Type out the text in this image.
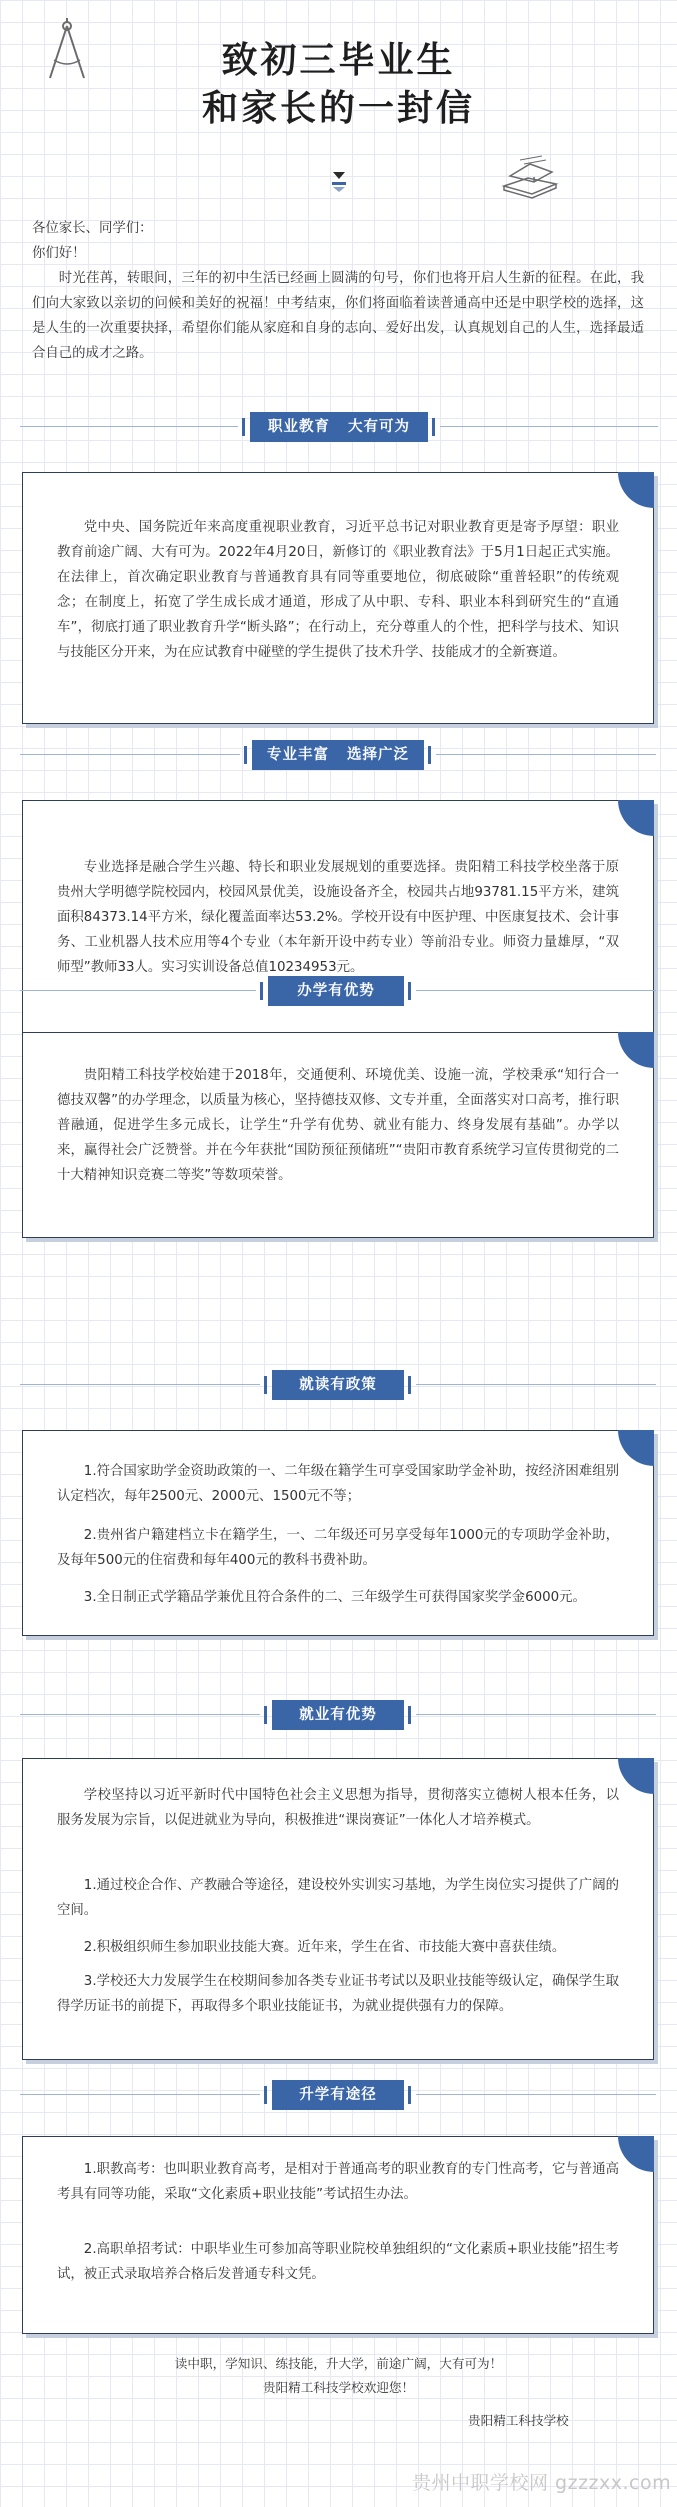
致初三毕业生
和家长的一封信
各位家长、同学们：
你们好！
时光荏苒，转眼间，三年的初中生活已经画上圆满的句号，你们也将开启人生新的征程。在此，我们向大家致以亲切的问候和美好的祝福！中考结束，你们将面临着读普通高中还是中职学校的选择，这是人生的一次重要抉择，希望你们能从家庭和自身的志向、爱好出发，认真规划自己的人生，选择最适合自己的成才之路。
职业教育 大有可为
党中央、国务院近年来高度重视职业教育，习近平总书记对职业教育更是寄予厚望：职业教育前途广阔、大有可为。2022年4月20日，新修订的《职业教育法》于5月1日起正式实施。在法律上，首次确定职业教育与普通教育具有同等重要地位，彻底破除“重普轻职”的传统观念；在制度上，拓宽了学生成长成才通道，形成了从中职、专科、职业本科到研究生的“直通车”，彻底打通了职业教育升学“断头路”；在行动上，充分尊重人的个性，把科学与技术、知识与技能区分开来，为在应试教育中碰壁的学生提供了技术升学、技能成才的全新赛道。
专业丰富 选择广泛
专业选择是融合学生兴趣、特长和职业发展规划的重要选择。贵阳精工科技学校坐落于原贵州大学明德学院校园内，校园风景优美，设施设备齐全，校园共占地93781.15平方米，建筑面积84373.14平方米，绿化覆盖面率达53.2%。学校开设有中医护理、中医康复技术、会计事务、工业机器人技术应用等4个专业（本年新开设中药专业）等前沿专业。师资力量雄厚，“双师型”教师33人。实习实训设备总值10234953元。
办学有优势
贵阳精工科技学校始建于2018年，交通便利、环境优美、设施一流，学校秉承“知行合一　德技双馨”的办学理念，以质量为核心，坚持德技双修、文专并重，全面落实对口高考，推行职普融通，促进学生多元成长，让学生“升学有优势、就业有能力、终身发展有基础”。办学以来，赢得社会广泛赞誉。并在今年获批“国防预征预储班”“贵阳市教育系统学习宣传贯彻党的二十大精神知识竞赛二等奖”等数项荣誉。
就读有政策
1.符合国家助学金资助政策的一、二年级在籍学生可享受国家助学金补助，按经济困难组别认定档次，每年2500元、2000元、1500元不等；
2.贵州省户籍建档立卡在籍学生，一、二年级还可另享受每年1000元的专项助学金补助，及每年500元的住宿费和每年400元的教科书费补助。
3.全日制正式学籍品学兼优且符合条件的二、三年级学生可获得国家奖学金6000元。
就业有优势
学校坚持以习近平新时代中国特色社会主义思想为指导，贯彻落实立德树人根本任务，以服务发展为宗旨，以促进就业为导向，积极推进“课岗赛证”一体化人才培养模式。
1.通过校企合作、产教融合等途径，建设校外实训实习基地，为学生岗位实习提供了广阔的空间。
2.积极组织师生参加职业技能大赛。近年来，学生在省、市技能大赛中喜获佳绩。
3.学校还大力发展学生在校期间参加各类专业证书考试以及职业技能等级认定，确保学生取得学历证书的前提下，再取得多个职业技能证书，为就业提供强有力的保障。
升学有途径
1.职教高考：也叫职业教育高考，是相对于普通高考的职业教育的专门性高考，它与普通高考具有同等功能，采取“文化素质+职业技能”考试招生办法。
2.高职单招考试：中职毕业生可参加高等职业院校单独组织的“文化素质+职业技能”招生考试，被正式录取培养合格后发普通专科文凭。
读中职，学知识、练技能，升大学，前途广阔，大有可为！
贵阳精工科技学校欢迎您！
贵阳精工科技学校
贵州中职学校网 gzzzxx.com
